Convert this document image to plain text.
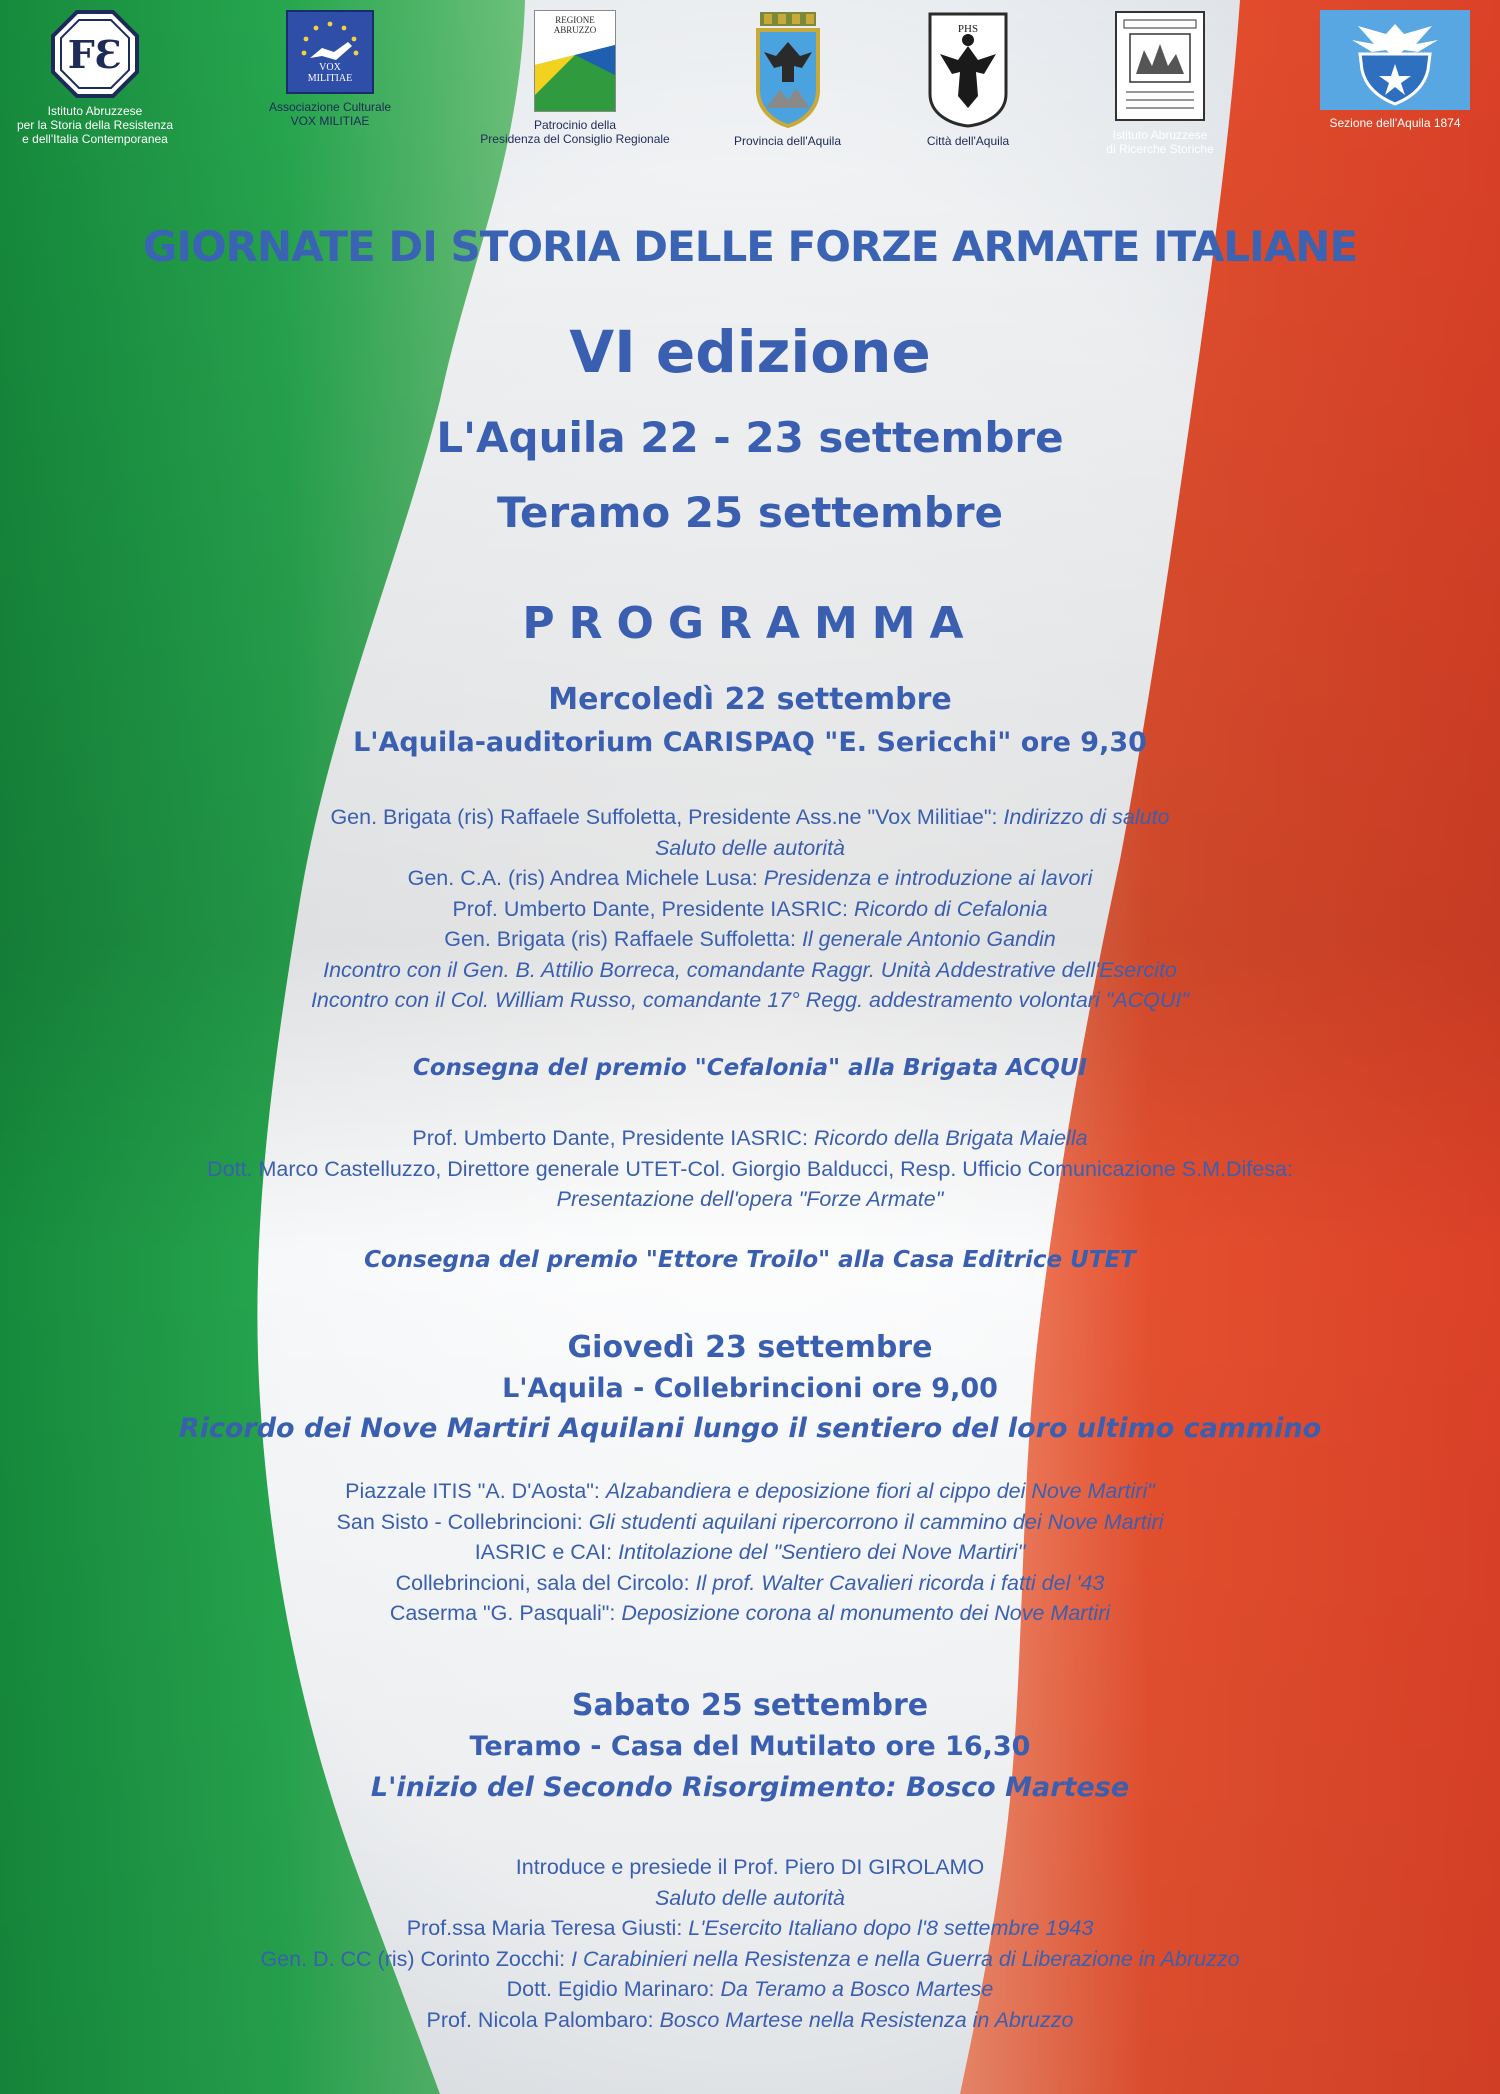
FƐ
Istituto Abruzzese
per la Storia della Resistenza
e dell'Italia Contemporanea
VOX
MILITIAE
Associazione Culturale
VOX MILITIAE
REGIONE
ABRUZZO
Patrocinio della
Presidenza del Consiglio Regionale	Provincia dell'Aquila
PHS
Città dell'Aquila	Istituto Abruzzese
di Ricerche Storiche
Sezione dell'Aquila 1874
GIORNATE DI STORIA DELLE FORZE ARMATE ITALIANE
VI edizione
L'Aquila 22 - 23 settembre
Teramo 25 settembre
PROGRAMMA
Mercoledì 22 settembre
L'Aquila-auditorium CARISPAQ "E. Sericchi" ore 9,30
Gen. Brigata (ris) Raffaele Suffoletta, Presidente Ass.ne "Vox Militiae": Indirizzo di saluto
Saluto delle autorità
Gen. C.A. (ris) Andrea Michele Lusa: Presidenza e introduzione ai lavori
Prof. Umberto Dante, Presidente IASRIC: Ricordo di Cefalonia
Gen. Brigata (ris) Raffaele Suffoletta: Il generale Antonio Gandin
Incontro con il Gen. B. Attilio Borreca, comandante Raggr. Unità Addestrative dell'Esercito
Incontro con il Col. William Russo, comandante 17° Regg. addestramento volontari "ACQUI"
Consegna del premio "Cefalonia" alla Brigata ACQUI
Prof. Umberto Dante, Presidente IASRIC: Ricordo della Brigata Maiella
Dott. Marco Castelluzzo, Direttore generale UTET-Col. Giorgio Balducci, Resp. Ufficio Comunicazione S.M.Difesa:
Presentazione dell'opera "Forze Armate"
Consegna del premio "Ettore Troilo" alla Casa Editrice UTET
Giovedì 23 settembre
L'Aquila - Collebrincioni ore 9,00
Ricordo dei Nove Martiri Aquilani lungo il sentiero del loro ultimo cammino
Piazzale ITIS "A. D'Aosta": Alzabandiera e deposizione fiori al cippo dei Nove Martiri"
San Sisto - Collebrincioni: Gli studenti aquilani ripercorrono il cammino dei Nove Martiri
IASRIC e CAI: Intitolazione del "Sentiero dei Nove Martiri"
Collebrincioni, sala del Circolo: Il prof. Walter Cavalieri ricorda i fatti del '43
Caserma "G. Pasquali": Deposizione corona al monumento dei Nove Martiri
Sabato 25 settembre
Teramo - Casa del Mutilato ore 16,30
L'inizio del Secondo Risorgimento: Bosco Martese
Introduce e presiede il Prof. Piero DI GIROLAMO
Saluto delle autorità
Prof.ssa Maria Teresa Giusti: L'Esercito Italiano dopo l'8 settembre 1943
Gen. D. CC (ris) Corinto Zocchi: I Carabinieri nella Resistenza e nella Guerra di Liberazione in Abruzzo
Dott. Egidio Marinaro: Da Teramo a Bosco Martese
Prof. Nicola Palombaro: Bosco Martese nella Resistenza in Abruzzo
